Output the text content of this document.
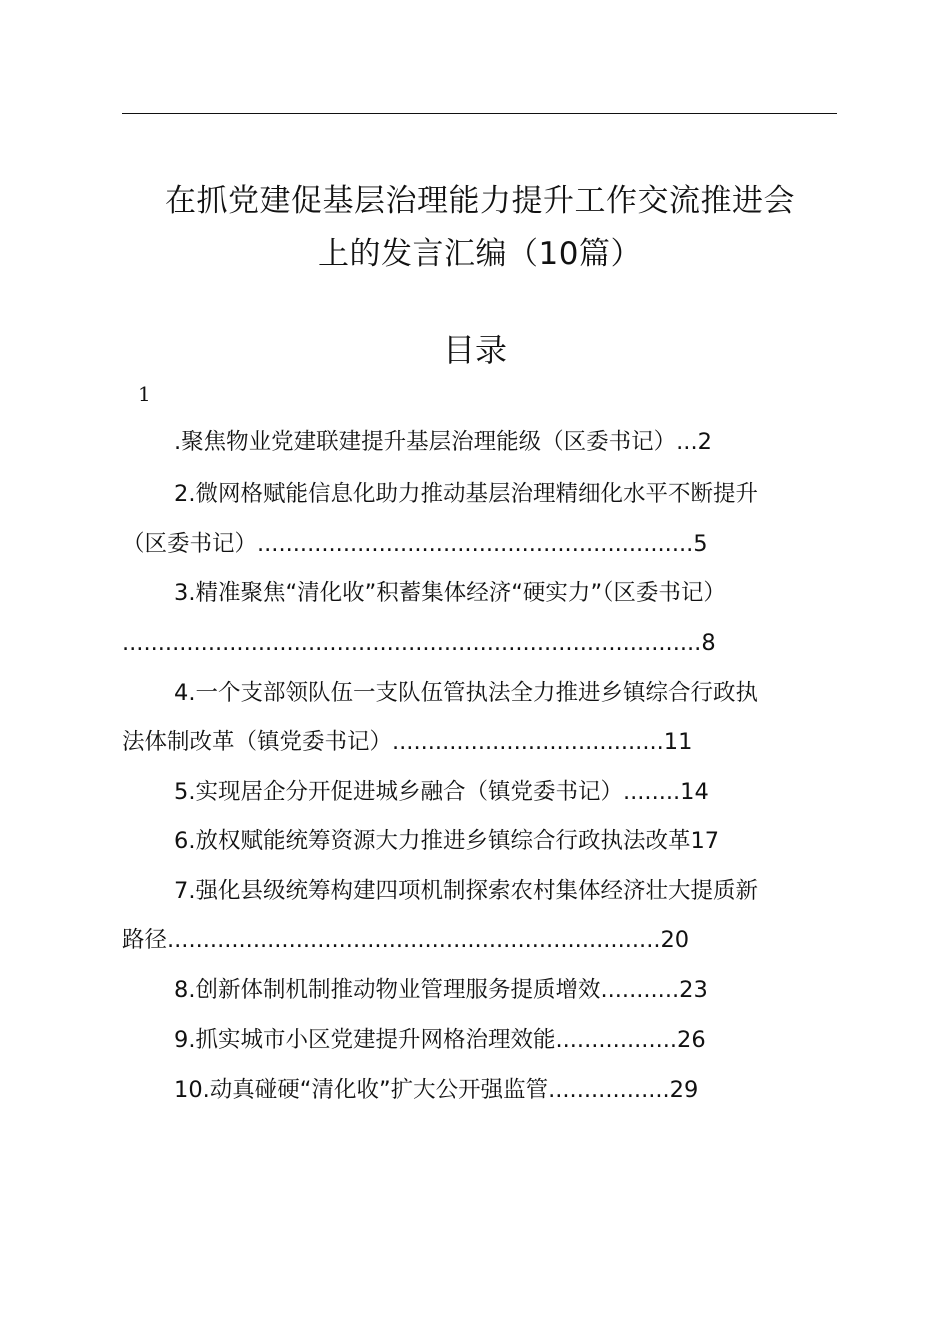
在抓党建促基层治理能力提升工作交流推进会
上的发言汇编（10篇）
目录
1
.聚焦物业党建联建提升基层治理能级（区委书记）...2
2.微网格赋能信息化助力推动基层治理精细化水平不断提升
（区委书记）.............................................................5
3.精准聚焦“清化收”积蓄集体经济“硬实力”（区委书记）
.................................................................................8
4.一个支部领队伍一支队伍管执法全力推进乡镇综合行政执
法体制改革（镇党委书记）......................................11
5.实现居企分开促进城乡融合（镇党委书记）........14
6.放权赋能统筹资源大力推进乡镇综合行政执法改革17
7.强化县级统筹构建四项机制探索农村集体经济壮大提质新
路径.....................................................................20
8.创新体制机制推动物业管理服务提质增效...........23
9.抓实城市小区党建提升网格治理效能.................26
10.动真碰硬“清化收”扩大公开强监管.................29
